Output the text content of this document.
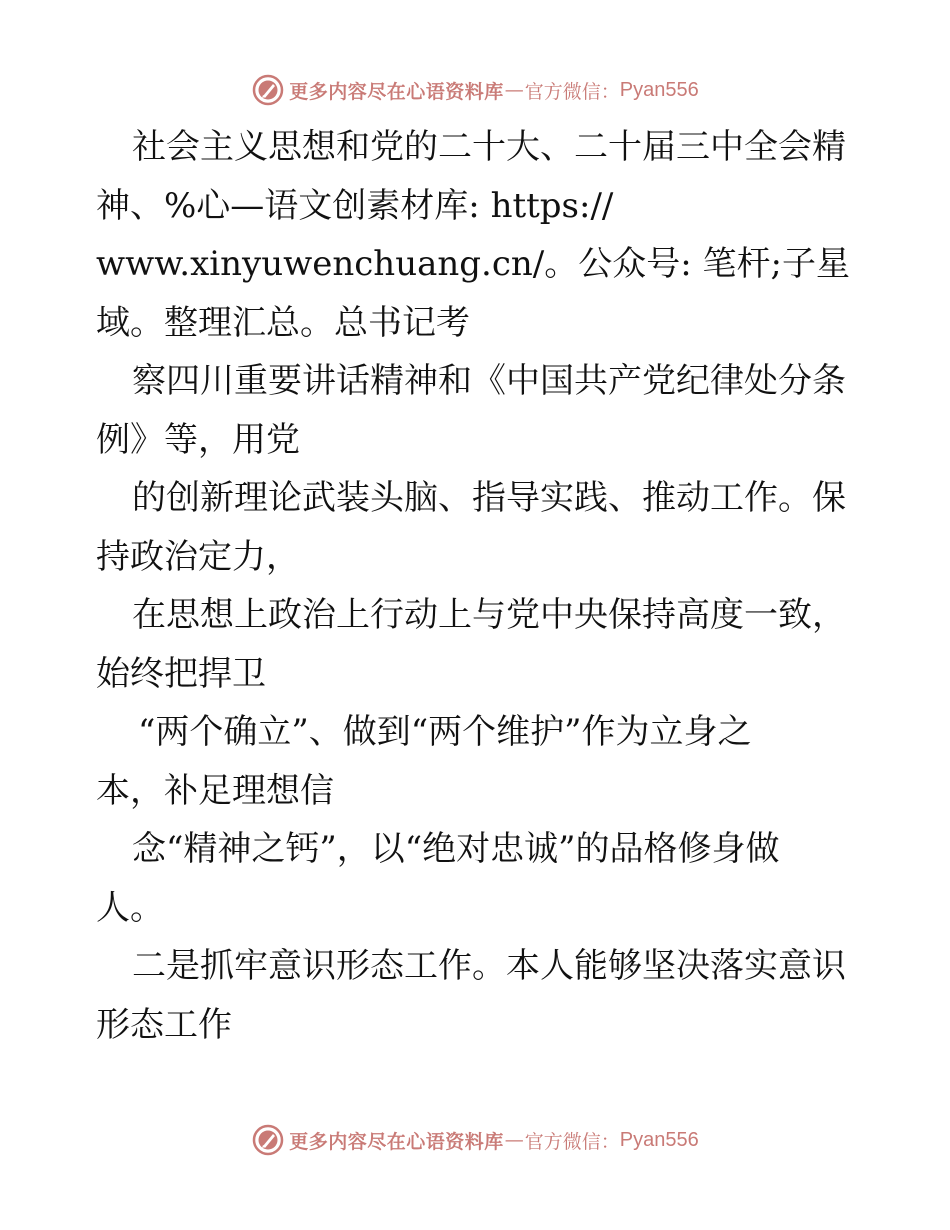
更多内容尽在心语资料库 — 官方微信： Pyan556
社会主义思想和党的二十大、二十届三中全会精
神、%心—语文创素材库: https://
www.xinyuwenchuang.cn/。公众号: 笔杆;子星
域。整理汇总。总书记考
察四川重要讲话精神和《中国共产党纪律处分条
例》等，用党
的创新理论武装头脑、指导实践、推动工作。保
持政治定力，
在思想上政治上行动上与党中央保持高度一致，
始终把捍卫
“两个确立”、做到“两个维护”作为立身之
本，补足理想信
念“精神之钙”，以“绝对忠诚”的品格修身做
人。
二是抓牢意识形态工作。本人能够坚决落实意识
形态工作
更多内容尽在心语资料库 — 官方微信： Pyan556
